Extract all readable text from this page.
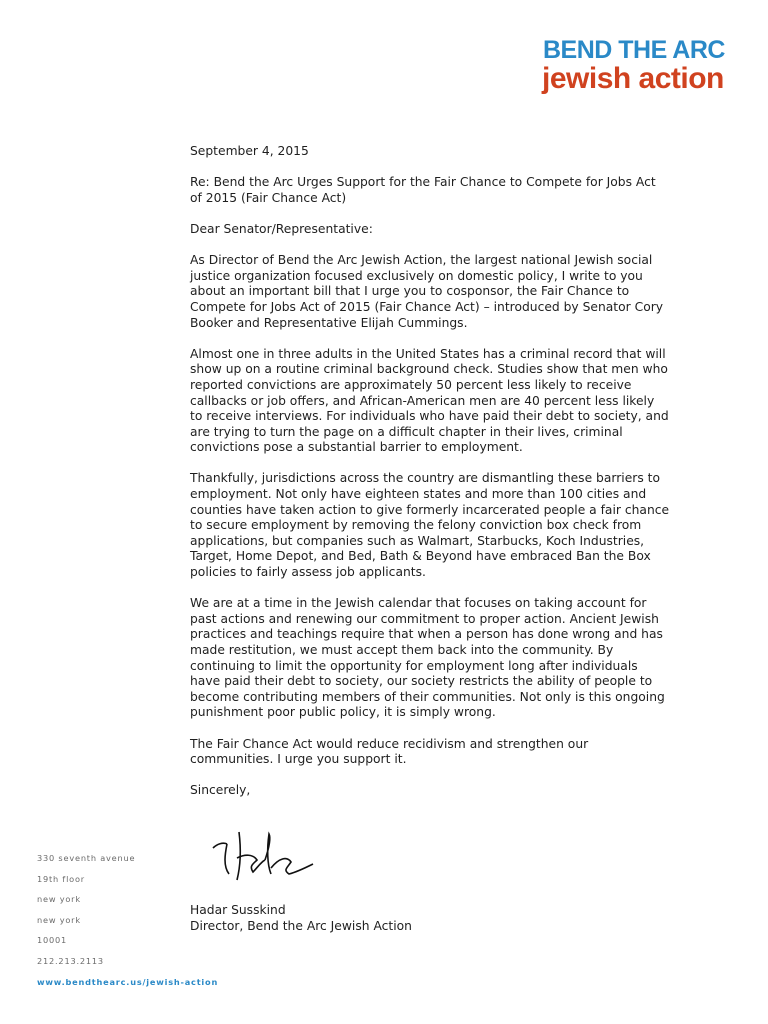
BEND THE ARC
jewish action

September 4, 2015

Re: Bend the Arc Urges Support for the Fair Chance to Compete for Jobs Act of 2015 (Fair Chance Act)

Dear Senator/Representative:

As Director of Bend the Arc Jewish Action, the largest national Jewish social justice organization focused exclusively on domestic policy, I write to you about an important bill that I urge you to cosponsor, the Fair Chance to Compete for Jobs Act of 2015 (Fair Chance Act) – introduced by Senator Cory Booker and Representative Elijah Cummings.

Almost one in three adults in the United States has a criminal record that will show up on a routine criminal background check. Studies show that men who reported convictions are approximately 50 percent less likely to receive callbacks or job offers, and African-American men are 40 percent less likely to receive interviews. For individuals who have paid their debt to society, and are trying to turn the page on a difficult chapter in their lives, criminal convictions pose a substantial barrier to employment.

Thankfully, jurisdictions across the country are dismantling these barriers to employment. Not only have eighteen states and more than 100 cities and counties have taken action to give formerly incarcerated people a fair chance to secure employment by removing the felony conviction box check from applications, but companies such as Walmart, Starbucks, Koch Industries, Target, Home Depot, and Bed, Bath & Beyond have embraced Ban the Box policies to fairly assess job applicants.

We are at a time in the Jewish calendar that focuses on taking account for past actions and renewing our commitment to proper action. Ancient Jewish practices and teachings require that when a person has done wrong and has made restitution, we must accept them back into the community. By continuing to limit the opportunity for employment long after individuals have paid their debt to society, our society restricts the ability of people to become contributing members of their communities. Not only is this ongoing punishment poor public policy, it is simply wrong.

The Fair Chance Act would reduce recidivism and strengthen our communities. I urge you support it.

Sincerely,

Hadar Susskind
Director, Bend the Arc Jewish Action
330 seventh avenue
19th floor
new york
new york
10001
212.213.2113
www.bendthearc.us/jewish-action
